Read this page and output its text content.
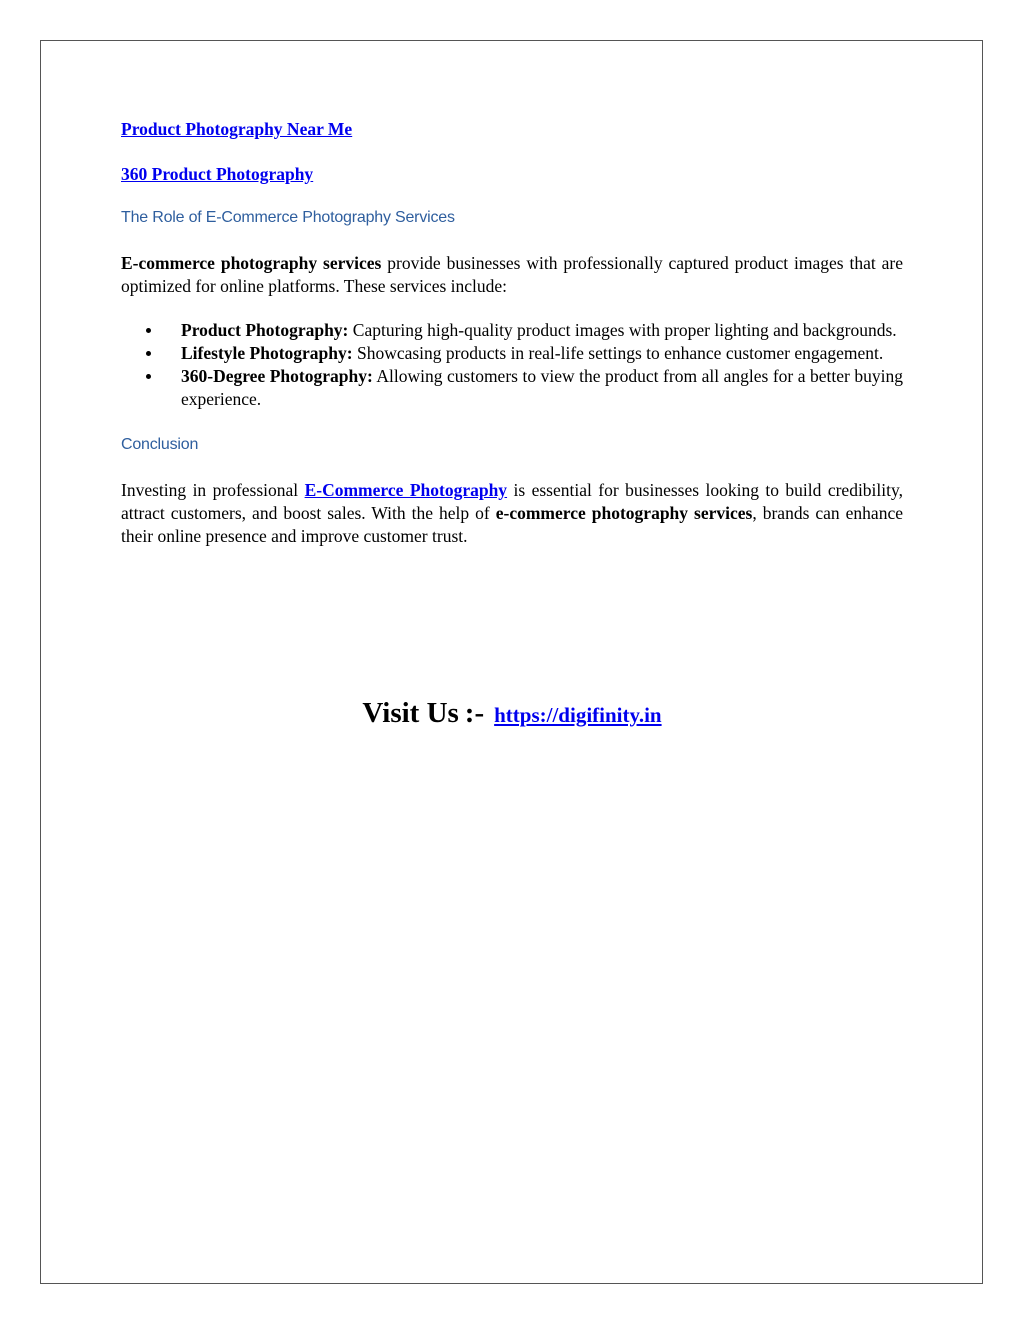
Product Photography Near Me
360 Product Photography
The Role of E-Commerce Photography Services

E-commerce photography services provide businesses with professionally captured product images that are optimized for online platforms. These services include:

Product Photography: Capturing high-quality product images with proper lighting and backgrounds.
Lifestyle Photography: Showcasing products in real-life settings to enhance customer engagement.
360-Degree Photography: Allowing customers to view the product from all angles for a better buying experience.
Conclusion

Investing in professional E-Commerce Photography is essential for businesses looking to build credibility, attract customers, and boost sales. With the help of e-commerce photography services, brands can enhance their online presence and improve customer trust.

Visit Us :- https://digifinity.in
